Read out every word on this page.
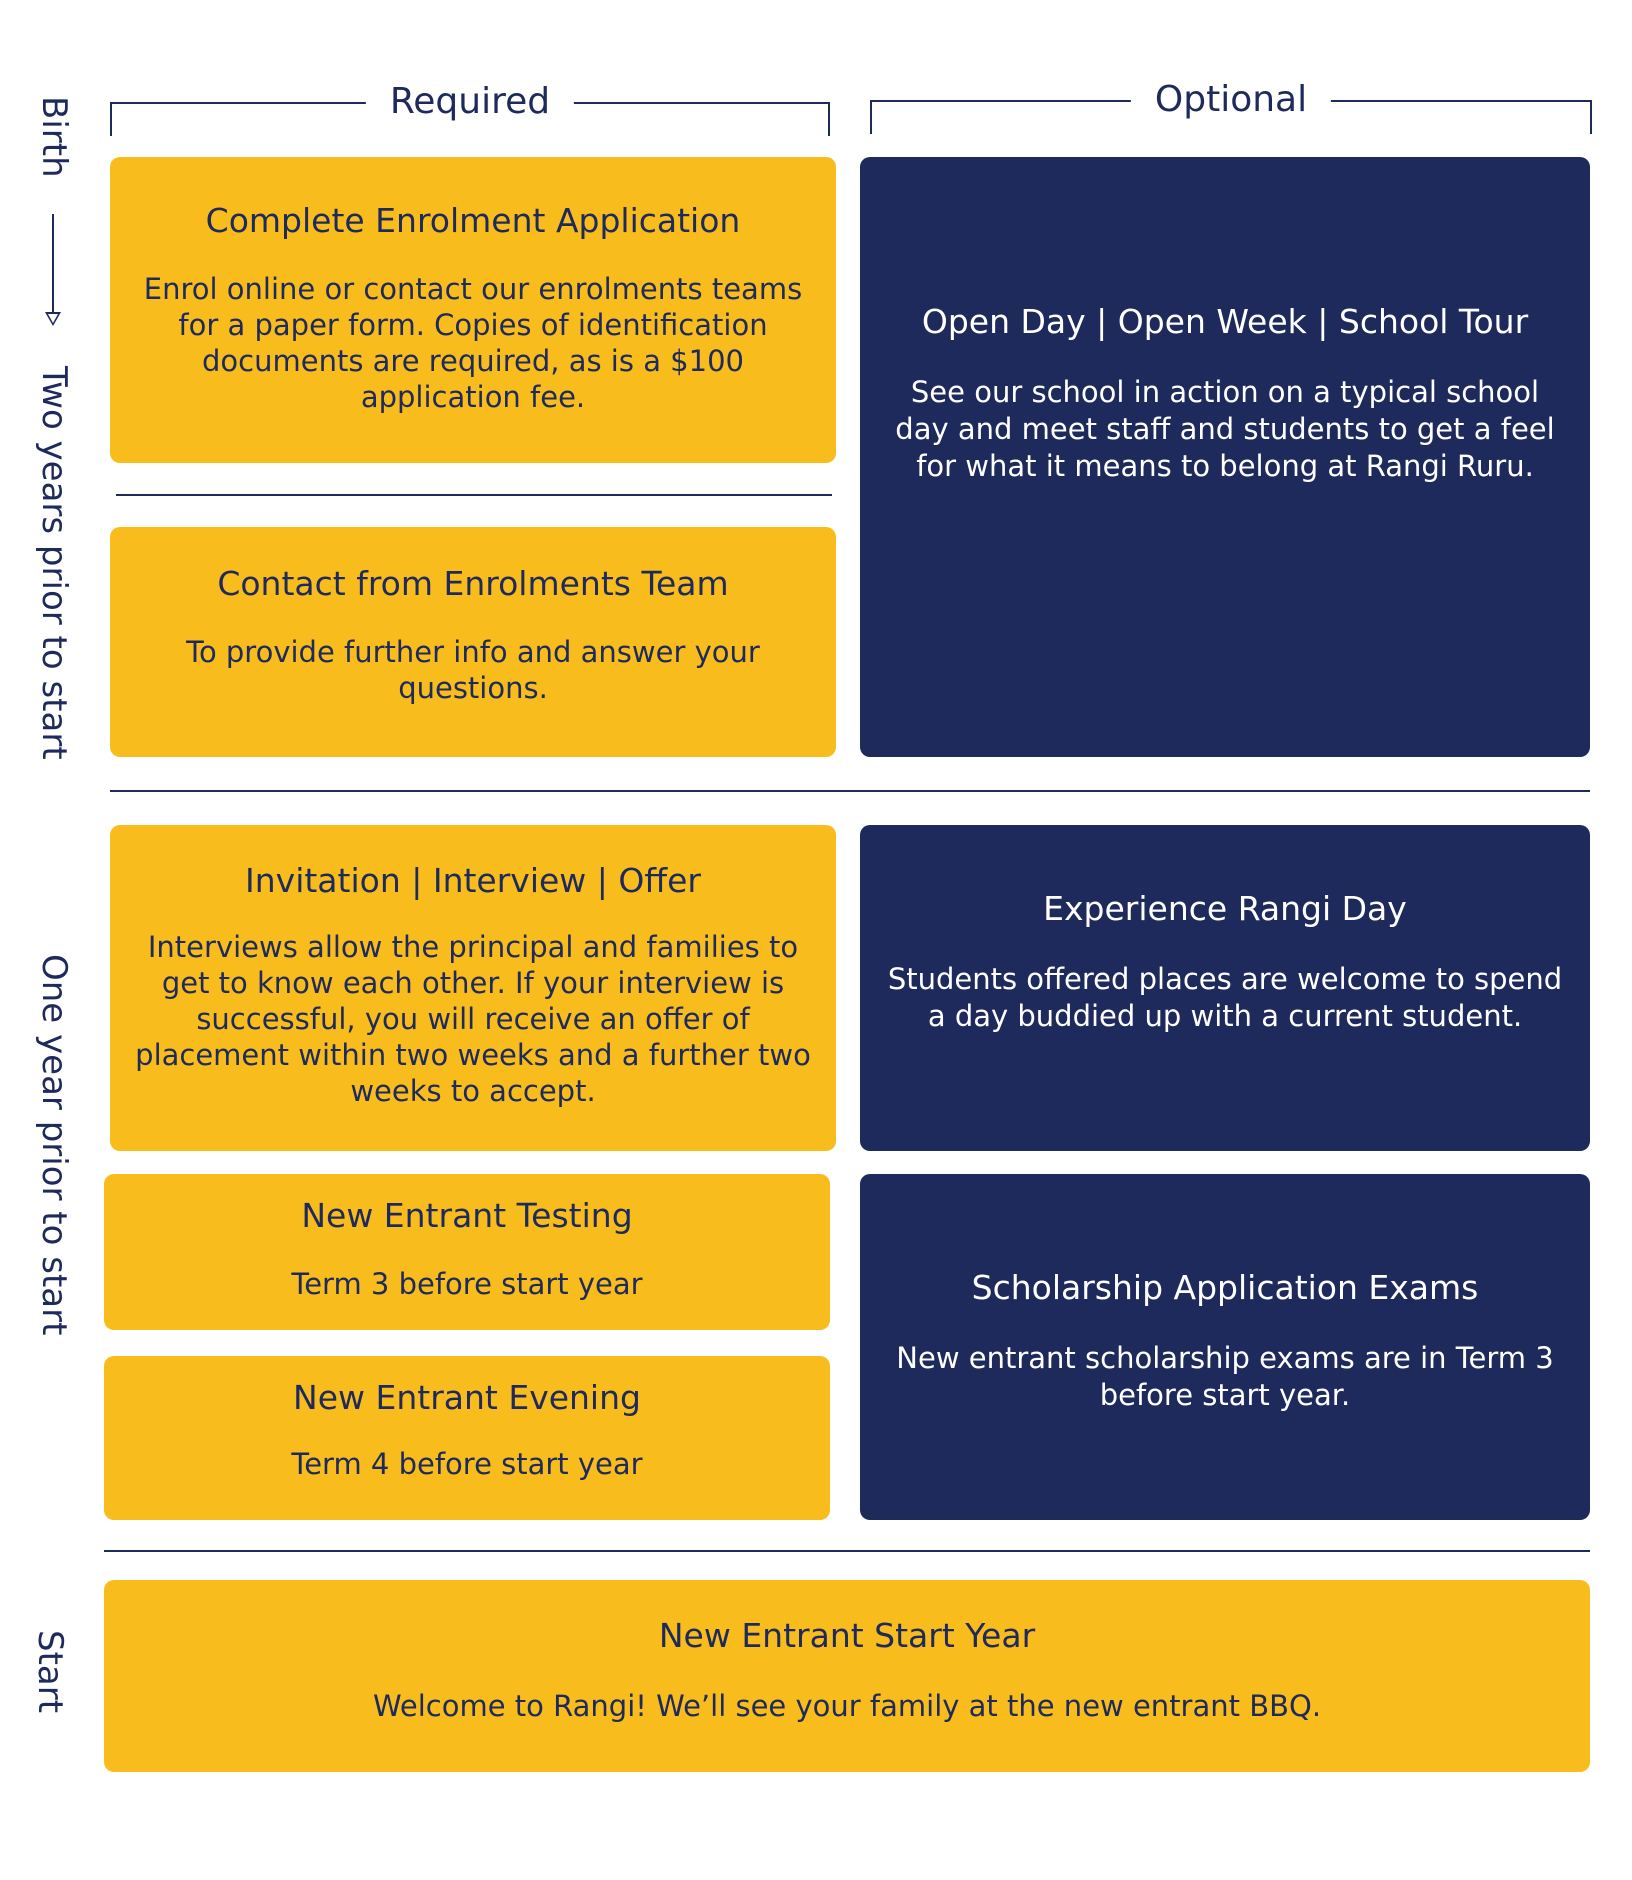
Required	Optional
Birth
Two years prior to start
One year prior to start
Start
Complete Enrolment Application
Enrol online or contact our enrolments teams for a paper form. Copies of identification documents are required, as is a $100 application fee.
Contact from Enrolments Team
To provide further info and answer your questions.
Open Day | Open Week | School Tour
See our school in action on a typical school day and meet staff and students to get a feel for what it means to belong at Rangi Ruru.
Invitation | Interview | Offer
Interviews allow the principal and families to get to know each other. If your interview is successful, you will receive an offer of placement within two weeks and a further two weeks to accept.
Experience Rangi Day
Students offered places are welcome to spend a day buddied up with a current student.
New Entrant Testing
Term 3 before start year
New Entrant Evening
Term 4 before start year
Scholarship Application Exams
New entrant scholarship exams are in Term 3 before start year.
New Entrant Start Year
Welcome to Rangi! We’ll see your family at the new entrant BBQ.
